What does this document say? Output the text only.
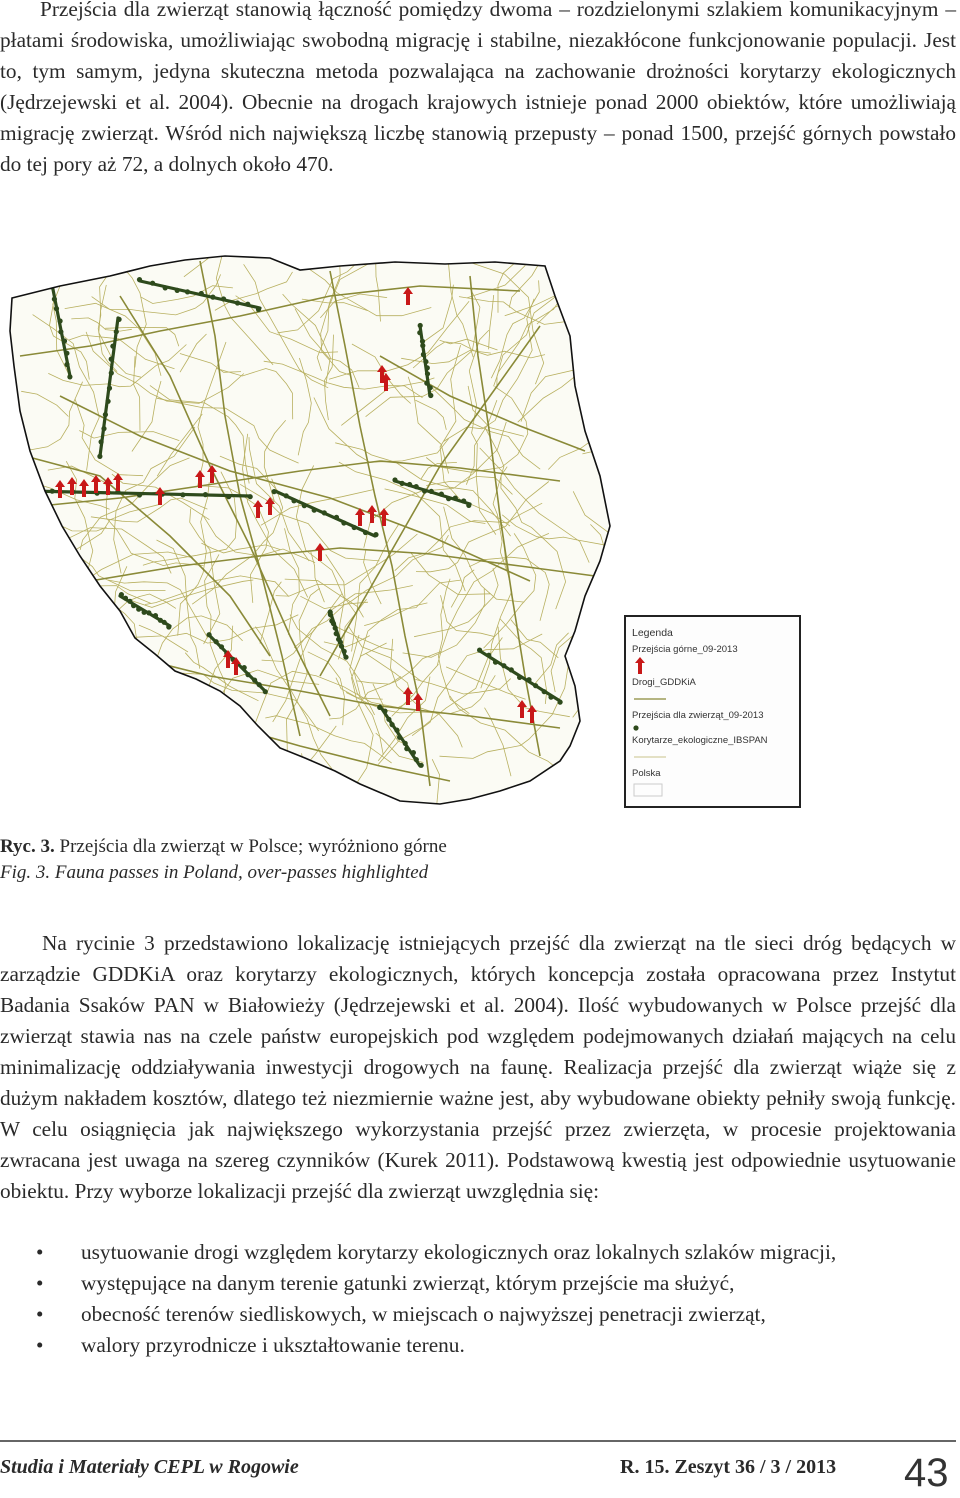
Przejścia dla zwierząt stanowią łączność pomiędzy dwoma – rozdzielonymi szlakiem komunikacyjnym – płatami środowiska, umożliwiając swobodną migrację i stabilne, niezakłócone funkcjonowanie populacji. Jest to, tym samym, jedyna skuteczna metoda pozwalająca na zachowanie drożności korytarzy ekologicznych (Jędrzejewski et al. 2004). Obecnie na drogach krajowych istnieje ponad 2000 obiektów, które umożliwiają migrację zwierząt. Wśród nich największą liczbę stanowią przepusty – ponad 1500, przejść górnych powstało do tej pory aż 72, a dolnych około 470.

Legenda
Przejścia górne_09-2013
Drogi_GDDKiA
Przejścia dla zwierząt_09-2013
Korytarze_ekologiczne_IBSPAN
Polska
Ryc. 3. Przejścia dla zwierząt w Polsce; wyróżniono górne
Fig. 3. Fauna passes in Poland, over-passes highlighted

Na rycinie 3 przedstawiono lokalizację istniejących przejść dla zwierząt na tle sieci dróg będących w zarządzie GDDKiA oraz korytarzy ekologicznych, których koncepcja została opracowana przez Instytut Badania Ssaków PAN w Białowieży (Jędrzejewski et al. 2004). Ilość wybudowanych w Polsce przejść dla zwierząt stawia nas na czele państw europejskich pod względem podejmowanych działań mających na celu minimalizację oddziaływania inwestycji drogowych na faunę. Realizacja przejść dla zwierząt wiąże się z dużym nakładem kosztów, dlatego też niezmiernie ważne jest, aby wybudowane obiekty pełniły swoją funkcję. W celu osiągnięcia jak największego wykorzystania przejść przez zwierzęta, w procesie projektowania zwracana jest uwaga na szereg czynników (Kurek 2011). Podstawową kwestią jest odpowiednie usytuowanie obiektu. Przy wyborze lokalizacji przejść dla zwierząt uwzględnia się:

• usytuowanie drogi względem korytarzy ekologicznych oraz lokalnych szlaków migracji,
• występujące na danym terenie gatunki zwierząt, którym przejście ma służyć,
• obecność terenów siedliskowych, w miejscach o najwyższej penetracji zwierząt,
• walory przyrodnicze i ukształtowanie terenu.
Studia i Materiały CEPL w Rogowie	R. 15. Zeszyt 36 / 3 / 2013 43
